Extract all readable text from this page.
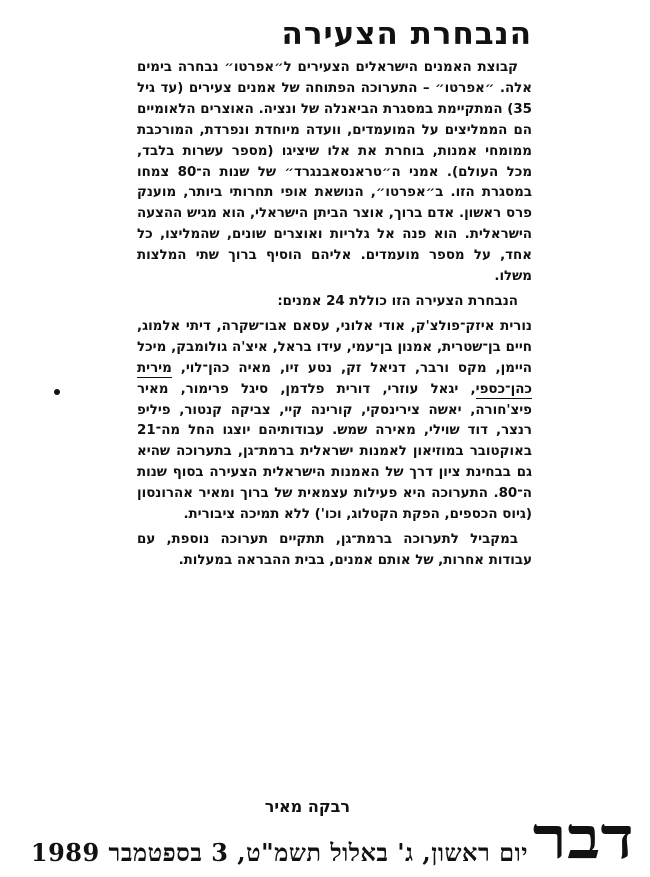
הנבחרת הצעירה

קבוצת האמנים הישראלים הצעירים ל״אפרטו״ נבחרה בימים אלה. ״אפרטו״ – התערוכה הפתוחה של אמנים צעירים (עד גיל 35) המתקיימת במסגרת הביאנלה של ונציה. האוצרים הלאומיים הם הממליצים על המועמדים, וועדה מיוחדת ונפרדת, המורכבת ממומחי אמנות, בוחרת את אלו שיציגו (מספר עשרות בלבד, מכל העולם). אמני ה״טראנסאבנגרד״ של שנות ה־80 צמחו במסגרת הזו. ב״אפרטו״, הנושאת אופי תחרותי ביותר, מוענק פרס ראשון. אדם ברוך, אוצר הביתן הישראלי, הוא מגיש ההצעה הישראלית. הוא פנה אל גלריות ואוצרים שונים, שהמליצו, כל אחד, על מספר מועמדים. אליהם הוסיף ברוך שתי המלצות משלו.

הנבחרת הצעירה הזו כוללת 24 אמנים:

נורית איזק־פולצ'ק, אודי אלוני, עסאם אבו־שקרה, דיתי אלמוג, חיים בן־שטרית, אמנון בן־עמי, עידו בראל, איצ'ה גולומבק, מיכל היימן, מקס ורבר, דניאל זק, נטע זיו, מאיה כהן־לוי, מירית כהן־כספי, יגאל עוזרי, דורית פלדמן, סיגל פרימור, מאיר פיצ'חורה, יאשה צירינסקי, קורינה קיי, צביקה קנטור, פיליפ רנצר, דוד שוילי, מאירה שמש. עבודותיהם יוצגו החל מה־21 באוקטובר במוזיאון לאמנות ישראלית ברמת־גן, בתערוכה שהיא גם בבחינת ציון דרך של האמנות הישראלית הצעירה בסוף שנות ה־80. התערוכה היא פעילות עצמאית של ברוך ומאיר אהרונסון (גיוס הכספים, הפקת הקטלוג, וכו') ללא תמיכה ציבורית.

במקביל לתערוכה ברמת־גן, תתקיים תערוכה נוספת, עם עבודות אחרות, של אותם אמנים, בבית ההבראה במעלות.

רבקה מאיר
יום ראשון, ג' באלול תשמ"ט, 3 בספטמבר 1989 דבר
